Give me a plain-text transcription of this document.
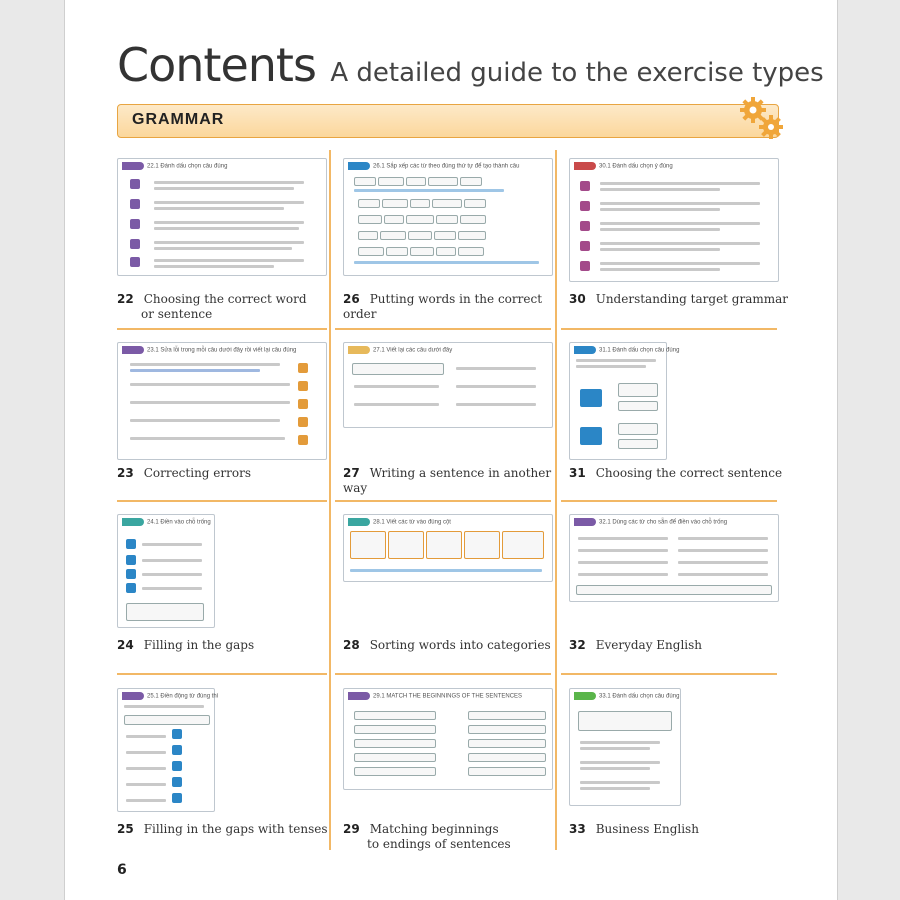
Contents A detailed guide to the exercise types
GRAMMAR
22.1 Đánh dấu chọn câu đúng
22 Choosing the correct word
or sentence
26.1 Sắp xếp các từ theo đúng thứ tự để tạo thành câu
26 Putting words in the correct order
30.1 Đánh dấu chọn ý đúng
30 Understanding target grammar
23.1 Sửa lỗi trong mỗi câu dưới đây rồi viết lại câu đúng
23 Correcting errors
27.1 Viết lại các câu dưới đây
27 Writing a sentence in another way
31.1 Đánh dấu chọn câu đúng
31 Choosing the correct sentence
24.1 Điền vào chỗ trống
24 Filling in the gaps
28.1 Viết các từ vào đúng cột
28 Sorting words into categories
32.1 Dùng các từ cho sẵn để điền vào chỗ trống
32 Everyday English
25.1 Điền động từ đúng thì
25 Filling in the gaps with tenses
29.1 MATCH THE BEGINNINGS OF THE SENTENCES
29 Matching beginnings
to endings of sentences
33.1 Đánh dấu chọn câu đúng
33 Business English
6
